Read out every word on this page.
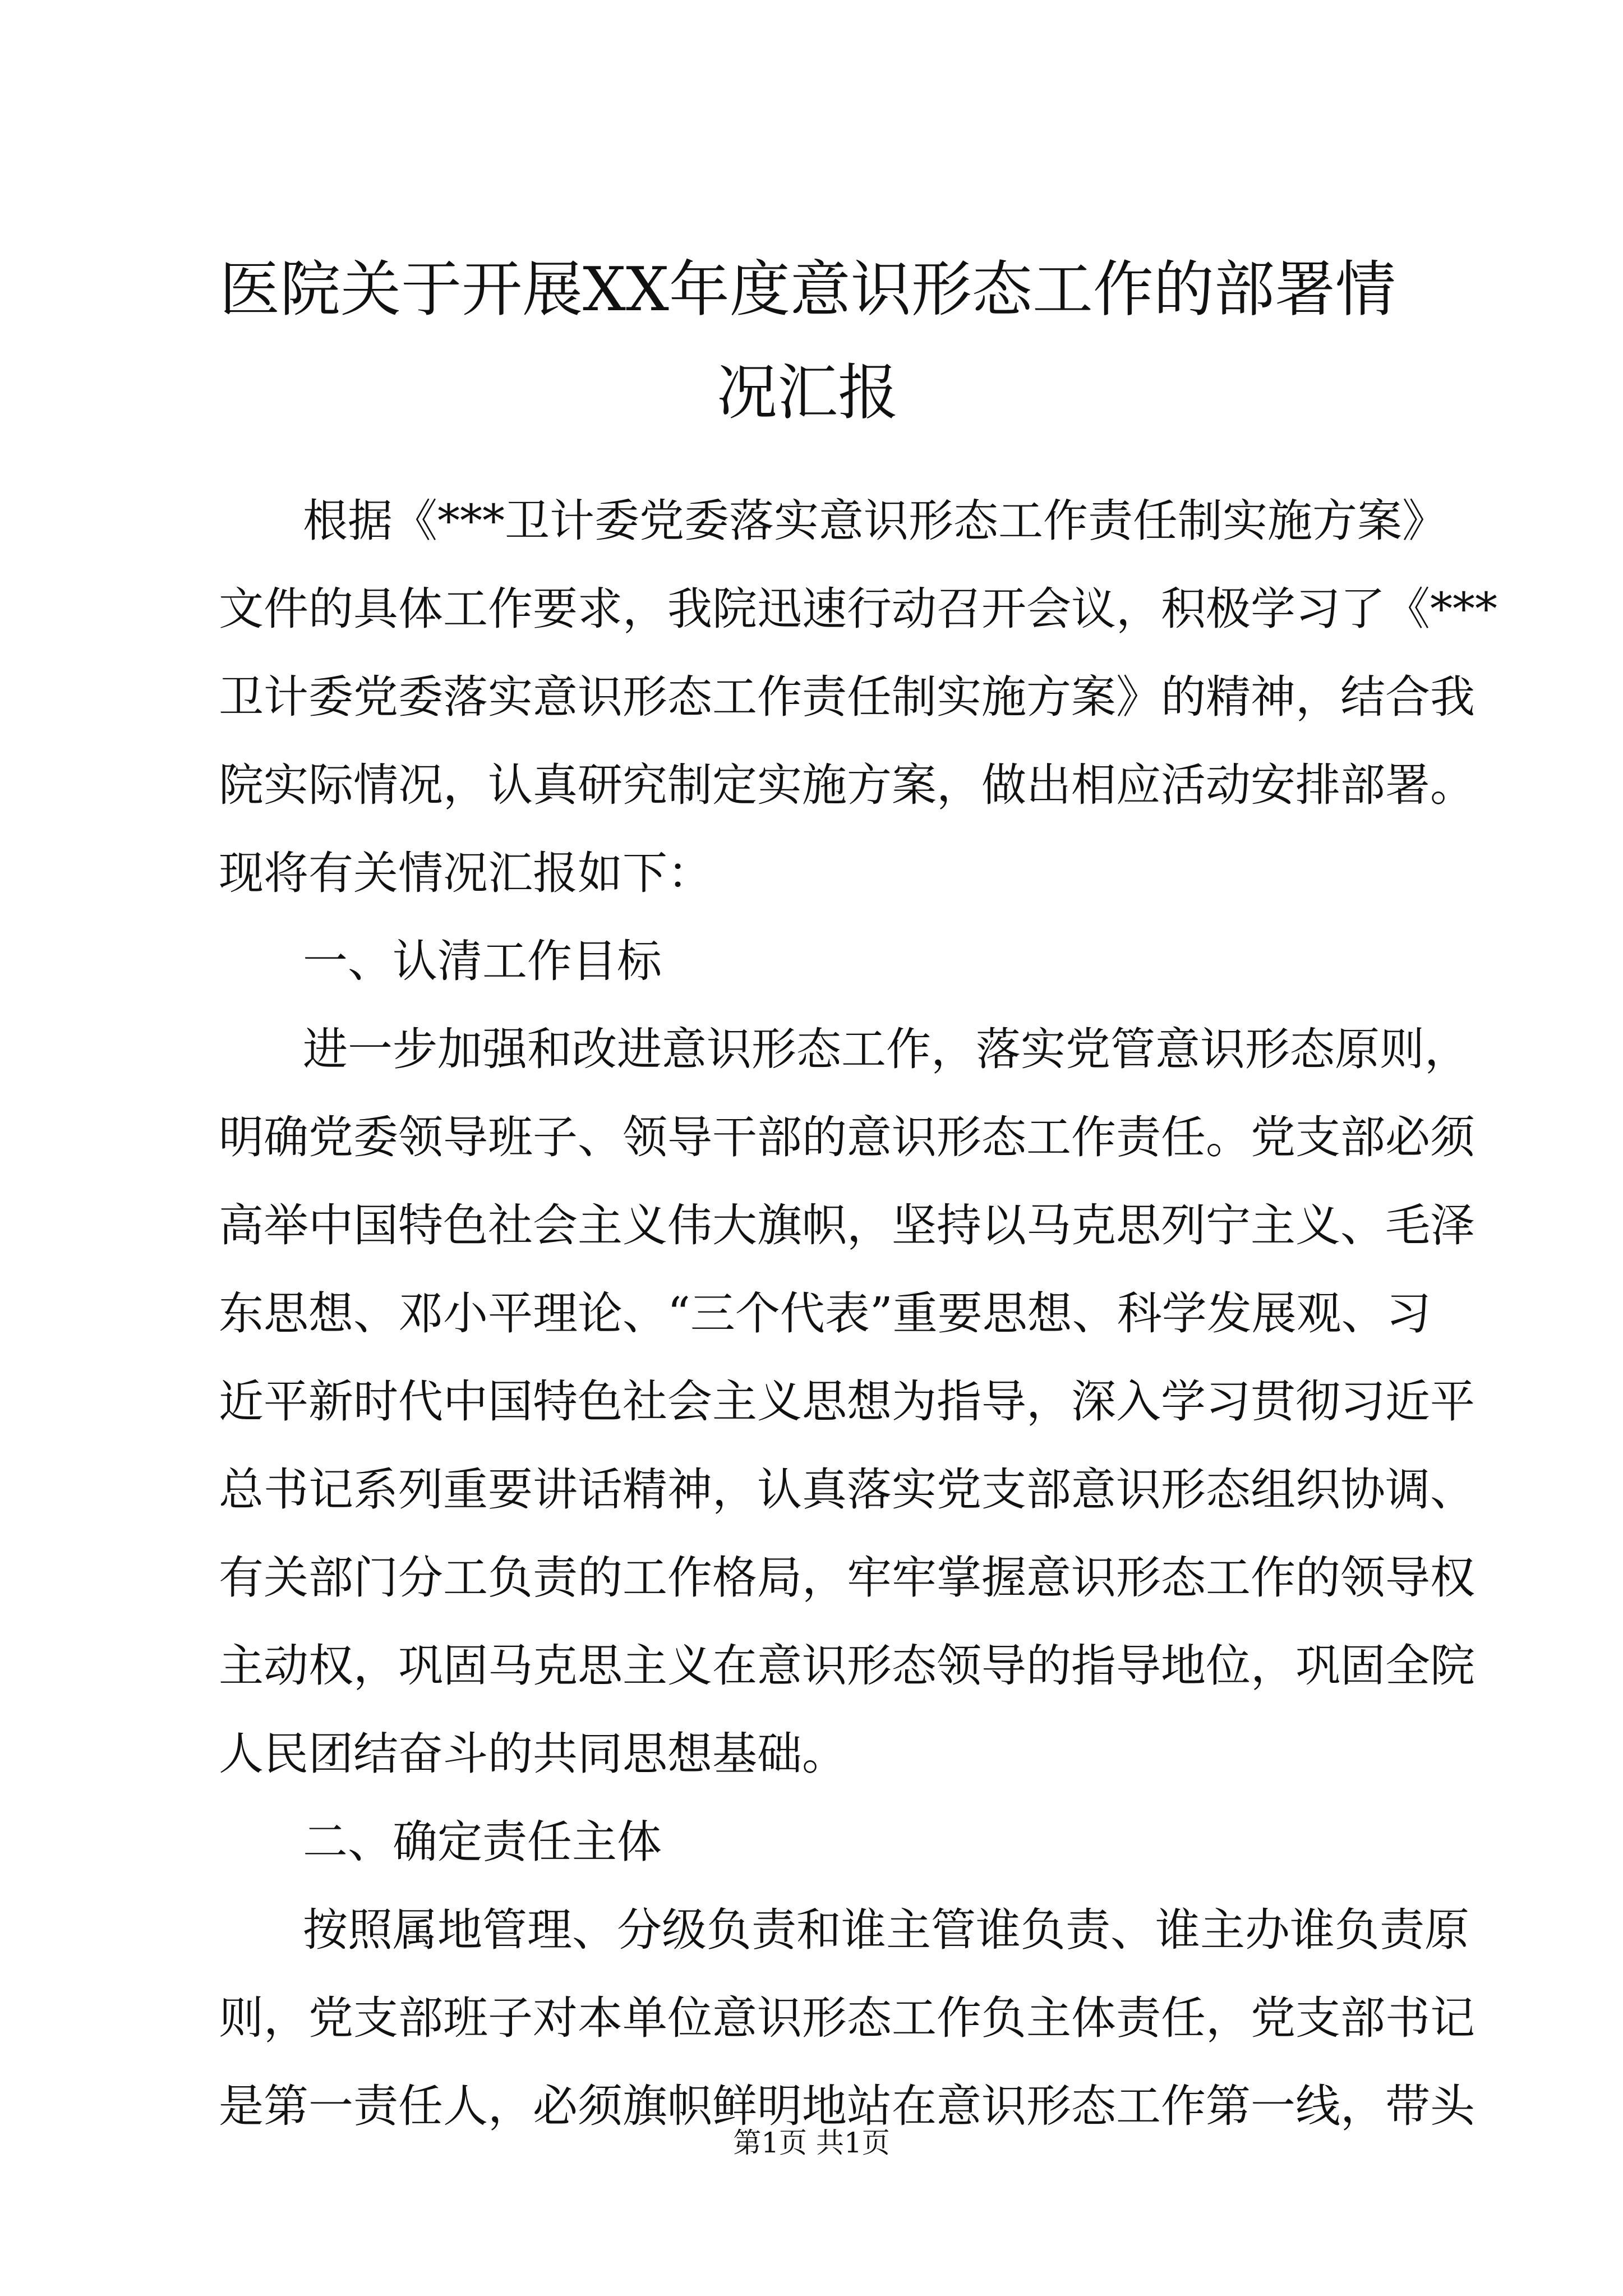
医院关于开展XX年度意识形态工作的部署情
况汇报
根据《***卫计委党委落实意识形态工作责任制实施方案》
文件的具体工作要求，我院迅速行动召开会议，积极学习了《***
卫计委党委落实意识形态工作责任制实施方案》的精神，结合我
院实际情况，认真研究制定实施方案，做出相应活动安排部署。
现将有关情况汇报如下：
一、认清工作目标
进一步加强和改进意识形态工作，落实党管意识形态原则，
明确党委领导班子、领导干部的意识形态工作责任。党支部必须
高举中国特色社会主义伟大旗帜，坚持以马克思列宁主义、毛泽
东思想、邓小平理论、“三个代表”重要思想、科学发展观、习
近平新时代中国特色社会主义思想为指导，深入学习贯彻习近平
总书记系列重要讲话精神，认真落实党支部意识形态组织协调、
有关部门分工负责的工作格局，牢牢掌握意识形态工作的领导权
主动权，巩固马克思主义在意识形态领导的指导地位，巩固全院
人民团结奋斗的共同思想基础。
二、确定责任主体
按照属地管理、分级负责和谁主管谁负责、谁主办谁负责原
则，党支部班子对本单位意识形态工作负主体责任，党支部书记
是第一责任人，必须旗帜鲜明地站在意识形态工作第一线，带头
第1页 共1页
